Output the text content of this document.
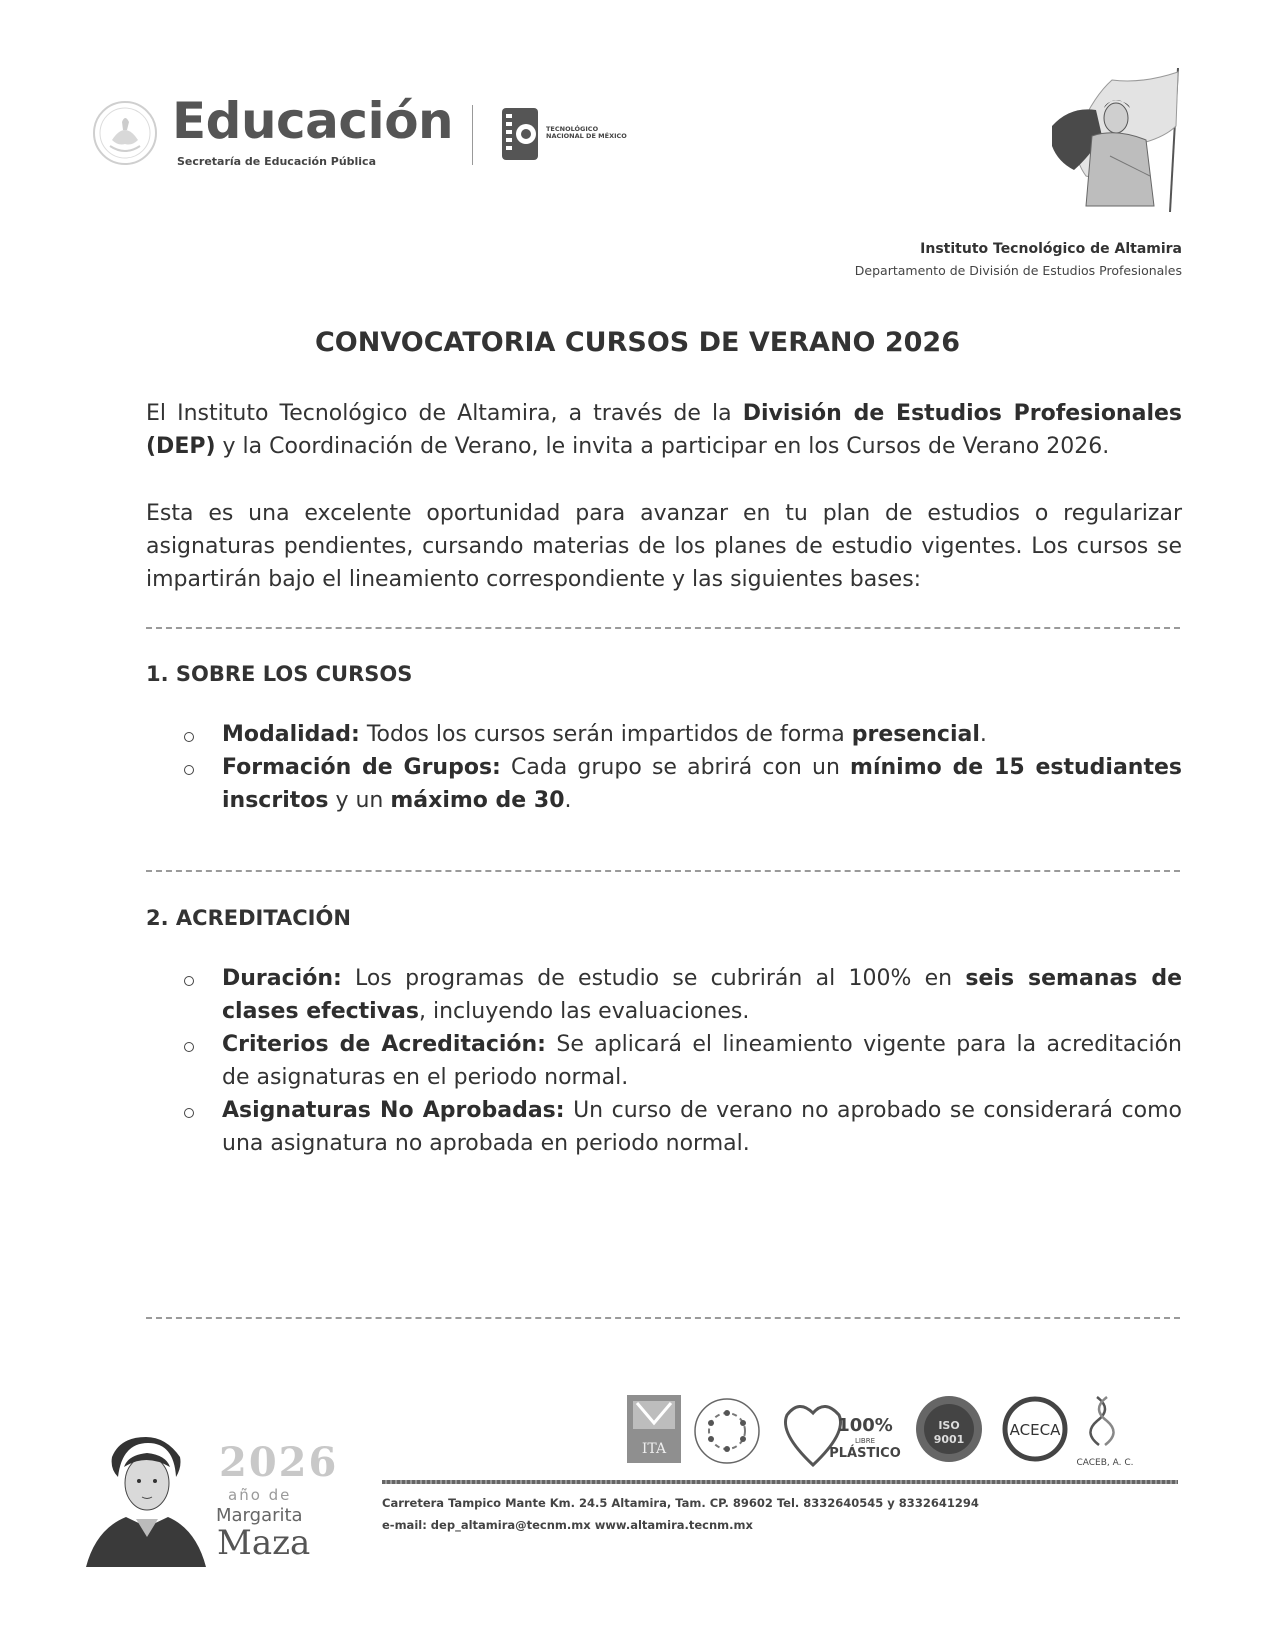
Educación
Secretaría de Educación Pública
TECNOLÓGICO
NACIONAL DE MÉXICO
Instituto Tecnológico de Altamira
Departamento de División de Estudios Profesionales
CONVOCATORIA CURSOS DE VERANO 2026
El Instituto Tecnológico de Altamira, a través de la División de Estudios Profesionales (DEP) y la Coordinación de Verano, le invita a participar en los Cursos de Verano 2026.
Esta es una excelente oportunidad para avanzar en tu plan de estudios o regularizar asignaturas pendientes, cursando materias de los planes de estudio vigentes. Los cursos se impartirán bajo el lineamiento correspondiente y las siguientes bases:
1. SOBRE LOS CURSOS
Modalidad: Todos los cursos serán impartidos de forma presencial.
Formación de Grupos: Cada grupo se abrirá con un mínimo de 15 estudiantes inscritos y un máximo de 30.
2. ACREDITACIÓN
Duración: Los programas de estudio se cubrirán al 100% en seis semanas de clases efectivas, incluyendo las evaluaciones.
Criterios de Acreditación: Se aplicará el lineamiento vigente para la acreditación de asignaturas en el periodo normal.
Asignaturas No Aprobadas: Un curso de verano no aprobado se considerará como una asignatura no aprobada en periodo normal.
2026
año de
Margarita
Maza
ITA
100%
LIBRE
PLÁSTICO
ISO
9001
ACECA
CACEB, A. C.
Carretera Tampico Mante Km. 24.5 Altamira, Tam. CP. 89602 Tel. 8332640545 y 8332641294
e-mail: dep_altamira@tecnm.mx www.altamira.tecnm.mx
